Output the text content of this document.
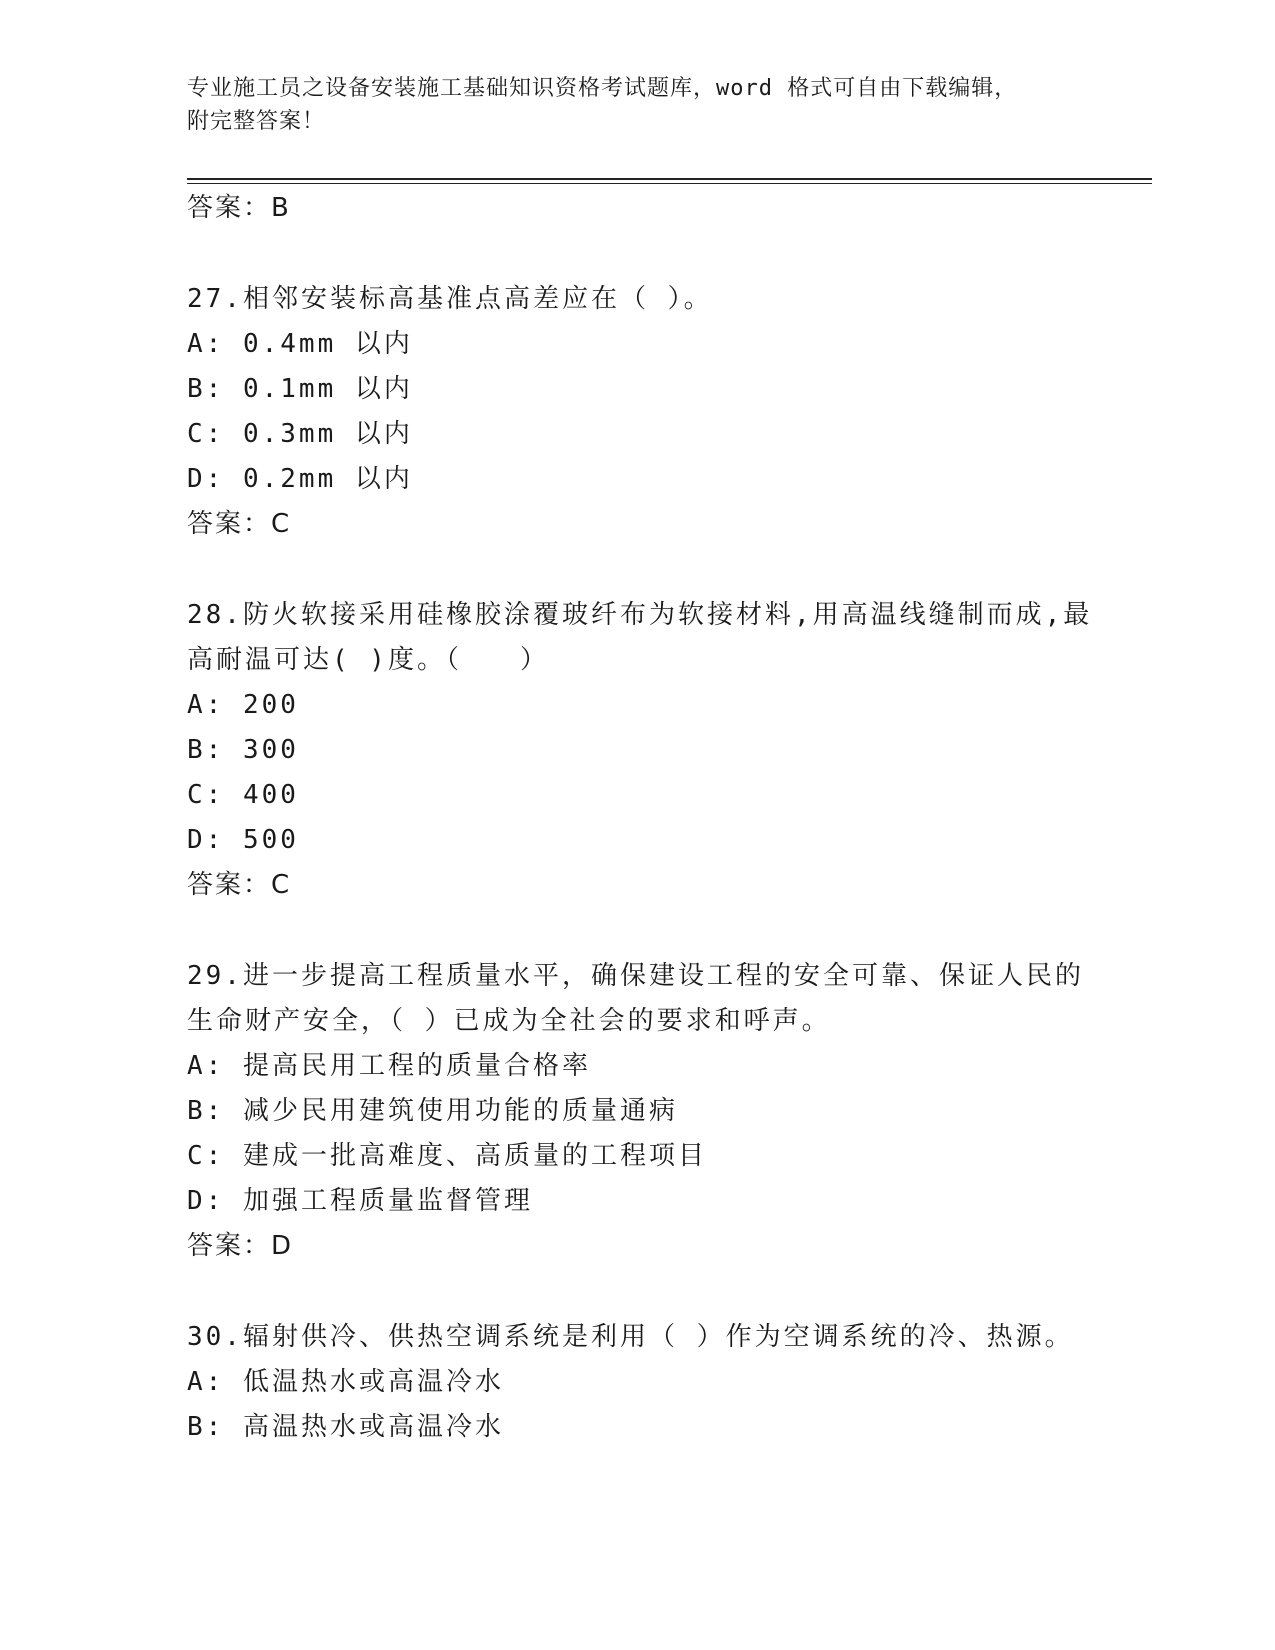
专业施工员之设备安装施工基础知识资格考试题库，word 格式可自由下载编辑，
附完整答案！
答案：B
27.相邻安装标高基准点高差应在（ ）。
A: 0.4mm 以内
B: 0.1mm 以内
C: 0.3mm 以内
D: 0.2mm 以内
答案：C
28.防火软接采用硅橡胶涂覆玻纤布为软接材料,用高温线缝制而成,最
高耐温可达( )度。（　　）
A: 200
B: 300
C: 400
D: 500
答案：C
29.进一步提高工程质量水平，确保建设工程的安全可靠、保证人民的
生命财产安全，（ ）已成为全社会的要求和呼声。
A: 提高民用工程的质量合格率
B: 减少民用建筑使用功能的质量通病
C: 建成一批高难度、高质量的工程项目
D: 加强工程质量监督管理
答案：D
30.辐射供冷、供热空调系统是利用（ ）作为空调系统的冷、热源。
A: 低温热水或高温冷水
B: 高温热水或高温冷水
